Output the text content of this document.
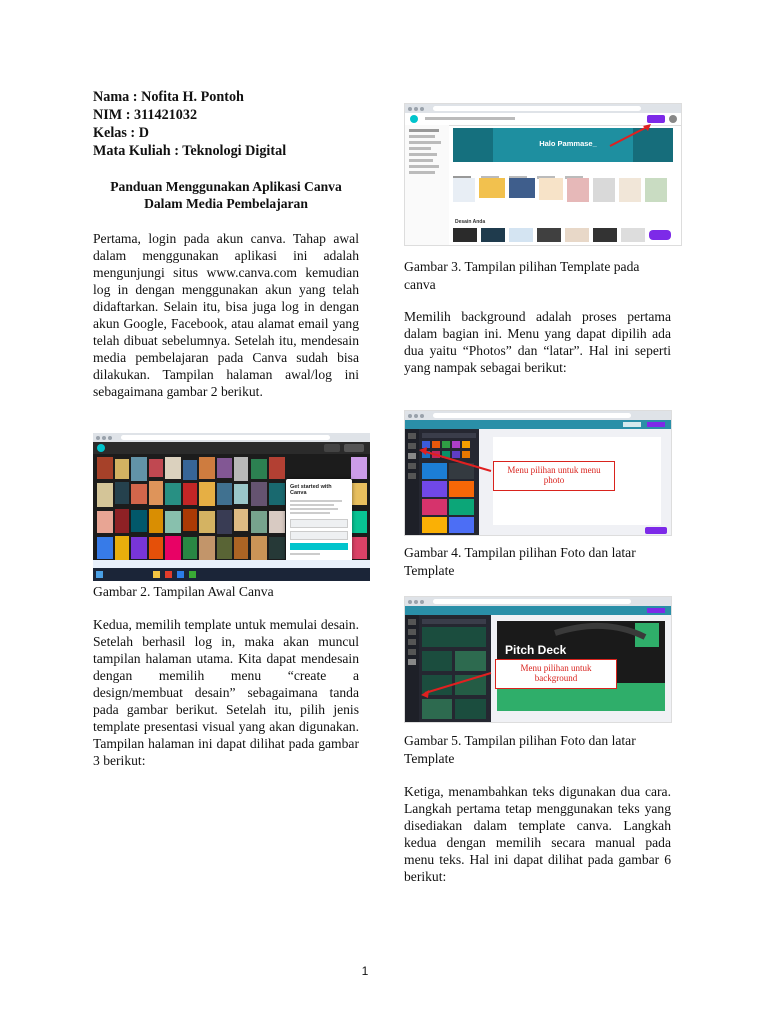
Nama : Nofita H. Pontoh
NIM : 311421032
Kelas : D
Mata Kuliah : Teknologi Digital
Panduan Menggunakan Aplikasi Canva
Dalam Media Pembelajaran

Pertama, login pada akun canva. Tahap awal dalam menggunakan aplikasi ini adalah mengunjungi situs www.canva.com kemudian log in dengan menggunakan akun yang telah didaftarkan. Selain itu, bisa juga log in dengan akun Google, Facebook, atau alamat email yang telah dibuat sebelumnya. Setelah itu, mendesain media pembelajaran pada Canva sudah bisa dilakukan. Tampilan halaman awal/log ini sebagaimana gambar 2 berikut.

Get started with Canva
Gambar 2. Tampilan Awal Canva

Kedua, memilih template untuk memulai desain. Setelah berhasil log in, maka akan muncul tampilan halaman utama. Kita dapat mendesain dengan memilih menu “create a design/membuat desain” sebagaimana tanda pada gambar berikut. Setelah itu, pilih jenis template presentasi visual yang akan digunakan. Tampilan halaman ini dapat dilihat pada gambar 3 berikut:

Halo Pammase_

Desain Anda
Gambar 3. Tampilan pilihan Template pada canva

Memilih background adalah proses pertama dalam bagian ini. Menu yang dapat dipilih ada dua yaitu “Photos” dan “latar”. Hal ini seperti yang nampak sebagai berikut:

Menu pilihan untuk menu photo
Gambar 4. Tampilan pilihan Foto dan latar Template
Pitch Deck
Menu pilihan untuk background
Gambar 5. Tampilan pilihan Foto dan latar Template

Ketiga, menambahkan teks digunakan dua cara. Langkah pertama tetap menggunakan teks yang disediakan dalam template canva. Langkah kedua dengan memilih secara manual pada menu teks. Hal ini dapat dilihat pada gambar 6 berikut:

1
